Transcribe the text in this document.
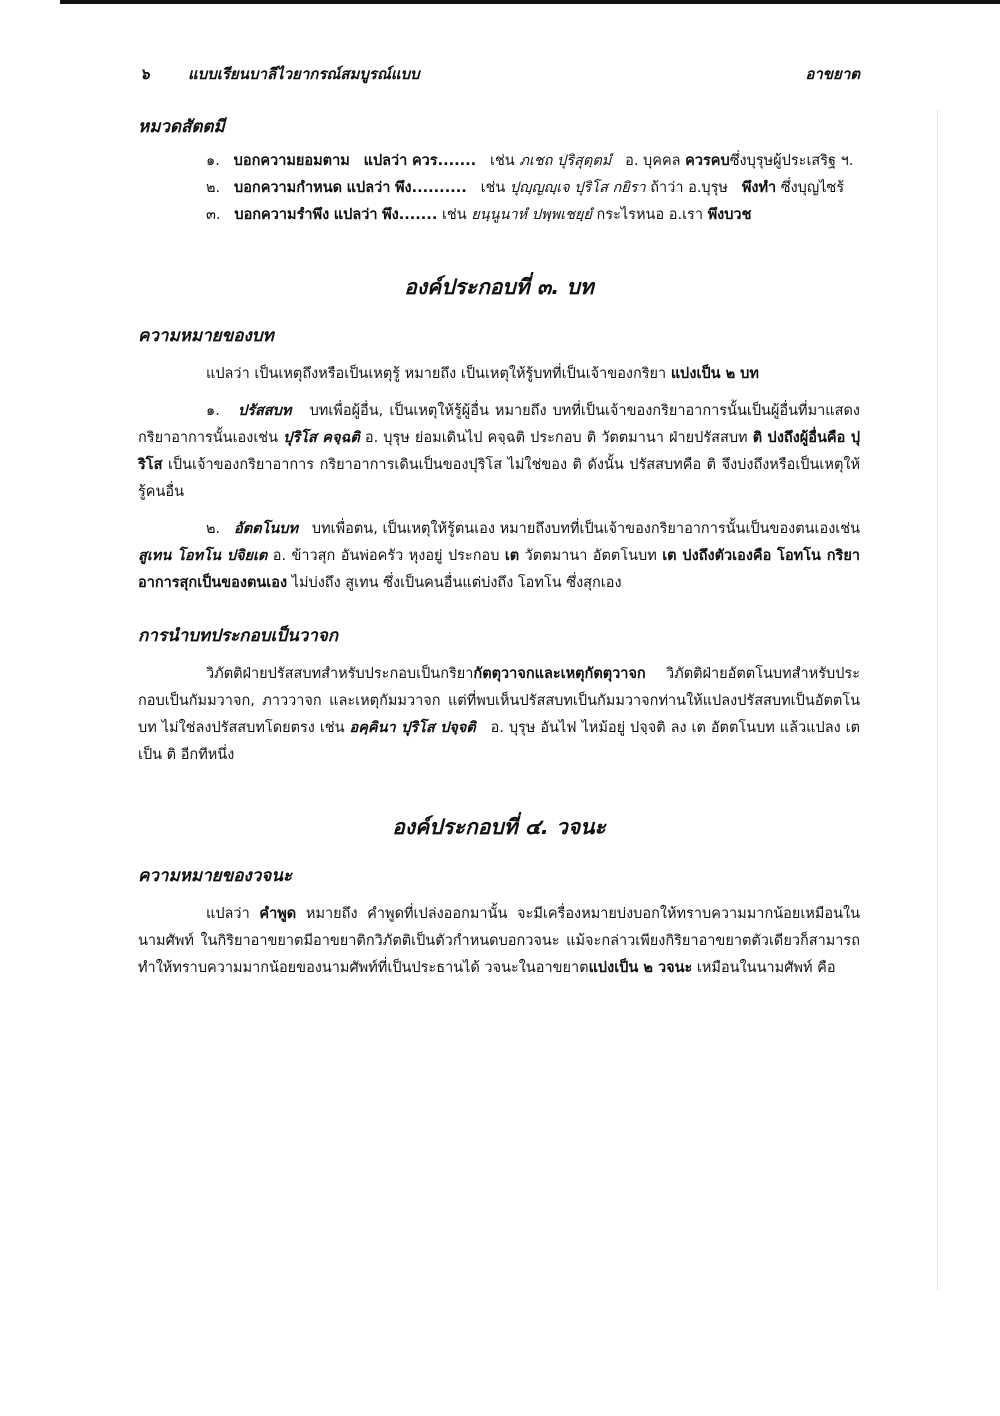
๖	แบบเรียนบาลีไวยากรณ์สมบูรณ์แบบ	อาขยาต
หมวดสัตตมี

๑. บอกความยอมตาม แปลว่า ควร....... เช่น ภเชถ ปุริสุตฺตมํ อ. บุคคล ควรคบซึ่งบุรุษผู้ประเสริฐ ฯ.

๒. บอกความกำหนด แปลว่า พึง.......... เช่น ปุญฺญญฺเจ ปุริโส กยิรา ถ้าว่า อ.บุรุษ พึงทำ ซึ่งบุญไซร้

๓. บอกความรำพึง แปลว่า พึง....... เช่น ยนฺนูนาหํ ปพฺพเชยฺยํ กระไรหนอ อ.เรา พึงบวช

องค์ประกอบที่ ๓. บท
ความหมายของบท

แปลว่า เป็นเหตุถึงหรือเป็นเหตุรู้ หมายถึง เป็นเหตุให้รู้บทที่เป็นเจ้าของกริยา แบ่งเป็น ๒ บท

๑. ปรัสสบท บทเพื่อผู้อื่น, เป็นเหตุให้รู้ผู้อื่น หมายถึง บทที่เป็นเจ้าของกริยาอาการนั้นเป็นผู้อื่นที่มาแสดงกริยาอาการนั้นเองเช่น ปุริโส คจฺฉติ อ. บุรุษ ย่อมเดินไป คจฺฉติ ประกอบ ติ วัตตมานา ฝ่ายปรัสสบท ติ บ่งถึงผู้อื่นคือ ปุริโส เป็นเจ้าของกริยาอาการ กริยาอาการเดินเป็นของปุริโส ไม่ใช่ของ ติ ดังนั้น ปรัสสบทคือ ติ จึงบ่งถึงหรือเป็นเหตุให้รู้คนอื่น

๒. อัตตโนบท บทเพื่อตน, เป็นเหตุให้รู้ตนเอง หมายถึงบทที่เป็นเจ้าของกริยาอาการนั้นเป็นของตนเองเช่น สูเทน โอทโน ปจิยเต อ. ข้าวสุก อันพ่อครัว หุงอยู่ ประกอบ เต วัตตมานา อัตตโนบท เต บ่งถึงตัวเองคือ โอทโน กริยาอาการสุกเป็นของตนเอง ไม่บ่งถึง สูเทน ซึ่งเป็นคนอื่นแต่บ่งถึง โอทโน ซึ่งสุกเอง

การนำบทประกอบเป็นวาจก

วิภัตติฝ่ายปรัสสบทสำหรับประกอบเป็นกริยากัตตุวาจกและเหตุกัตตุวาจก วิภัตติฝ่ายอัตตโนบทสำหรับประกอบเป็นกัมมวาจก, ภาววาจก และเหตุกัมมวาจก แต่ที่พบเห็นปรัสสบทเป็นกัมมวาจกท่านให้แปลงปรัสสบทเป็นอัตตโนบท ไม่ใช่ลงปรัสสบทโดยตรง เช่น อคฺคินา ปุริโส ปจฺจติ อ. บุรุษ อันไฟ ไหม้อยู่ ปจฺจติ ลง เต อัตตโนบท แล้วแปลง เต เป็น ติ อีกทีหนึ่ง

องค์ประกอบที่ ๔. วจนะ
ความหมายของวจนะ

แปลว่า คำพูด หมายถึง คำพูดที่เปล่งออกมานั้น จะมีเครื่องหมายบ่งบอกให้ทราบความมากน้อยเหมือนในนามศัพท์ ในกิริยาอาขยาตมีอาขยาติกวิภัตติเป็นตัวกำหนดบอกวจนะ แม้จะกล่าวเพียงกิริยาอาขยาตตัวเดียวก็สามารถทำให้ทราบความมากน้อยของนามศัพท์ที่เป็นประธานได้ วจนะในอาขยาตแบ่งเป็น ๒ วจนะ เหมือนในนามศัพท์ คือ
